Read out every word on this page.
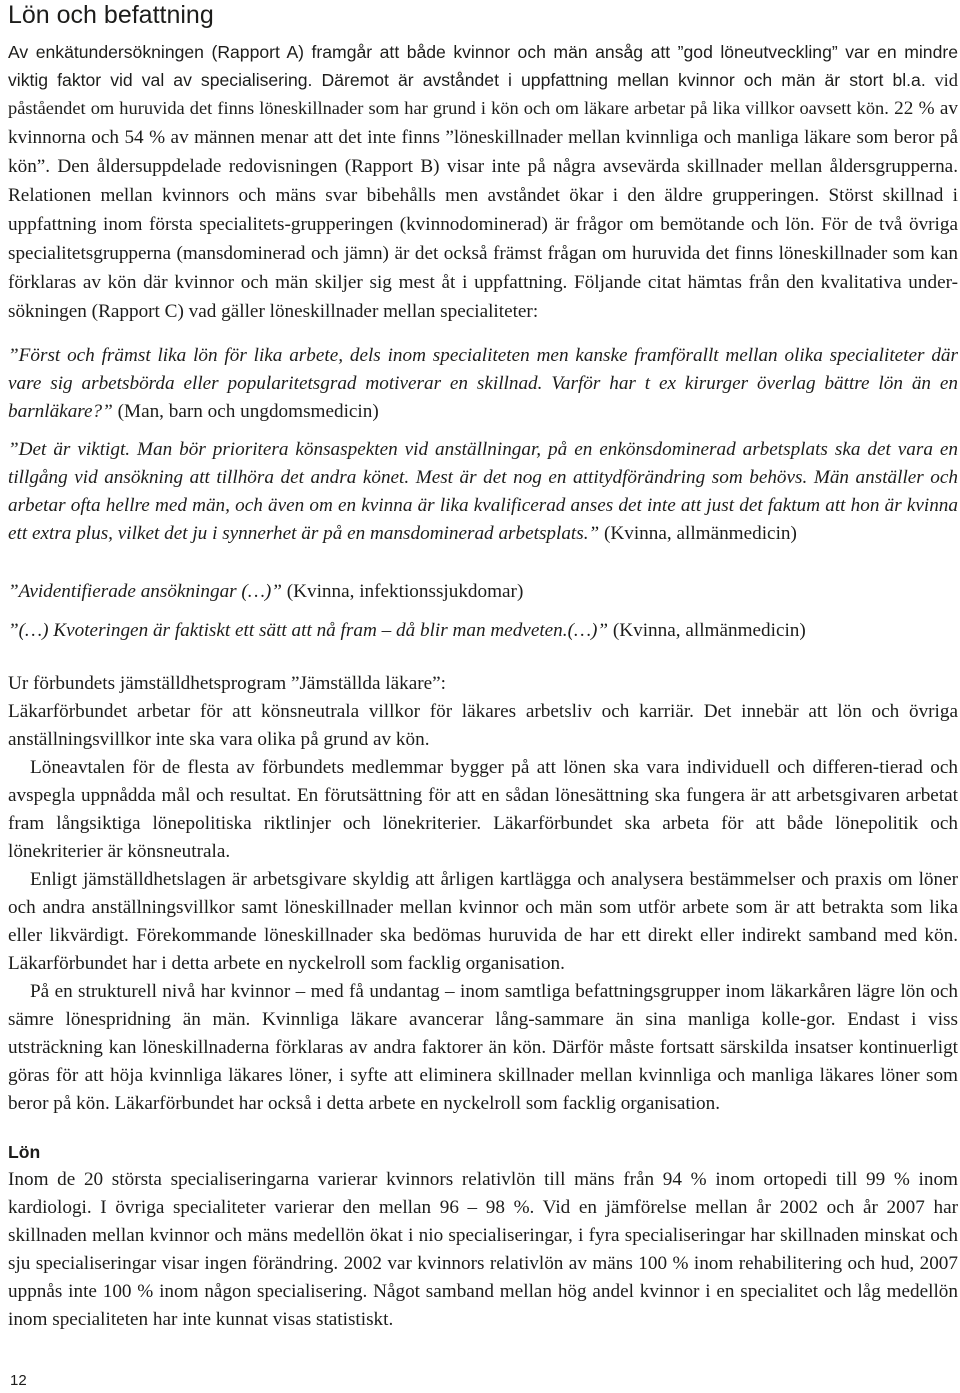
Lön och befattning

Av enkätundersökningen (Rapport A) framgår att både kvinnor och män ansåg att ”god löneutveckling” var en mindre viktig faktor vid val av specialisering. Däremot är avståndet i uppfattning mellan kvinnor och män är stort bl.a. vid påståendet om huruvida det finns löneskillnader som har grund i kön och om läkare arbetar på lika villkor oavsett kön. 22 % av kvinnorna och 54 % av männen menar att det inte finns ”löneskillnader mellan kvinnliga och manliga läkare som beror på kön”. Den åldersuppdelade redovisningen (Rapport B) visar inte på några avsevärda skillnader mellan åldersgrupperna. Relationen mellan kvinnors och mäns svar bibehålls men avståndet ökar i den äldre grupperingen. Störst skillnad i uppfattning inom första specialitets-grupperingen (kvinnodominerad) är frågor om bemötande och lön. För de två övriga specialitetsgrupperna (mansdominerad och jämn) är det också främst frågan om huruvida det finns löneskillnader som kan förklaras av kön där kvinnor och män skiljer sig mest åt i uppfattning. Följande citat hämtas från den kvalitativa under-sökningen (Rapport C) vad gäller löneskillnader mellan specialiteter:

”Först och främst lika lön för lika arbete, dels inom specialiteten men kanske framförallt mellan olika specialiteter där vare sig arbetsbörda eller popularitetsgrad motiverar en skillnad. Varför har t ex kirurger överlag bättre lön än en barnläkare?” (Man, barn och ungdomsmedicin)

”Det är viktigt. Man bör prioritera könsaspekten vid anställningar, på en enkönsdominerad arbetsplats ska det vara en tillgång vid ansökning att tillhöra det andra könet. Mest är det nog en attitydförändring som behövs. Män anställer och arbetar ofta hellre med män, och även om en kvinna är lika kvalificerad anses det inte att just det faktum att hon är kvinna ett extra plus, vilket det ju i synnerhet är på en mansdominerad arbetsplats.” (Kvinna, allmänmedicin)

”Avidentifierade ansökningar (…)” (Kvinna, infektionssjukdomar)

”(…) Kvoteringen är faktiskt ett sätt att nå fram – då blir man medveten.(…)” (Kvinna, allmänmedicin)

Ur förbundets jämställdhetsprogram ”Jämställda läkare”:

Läkarförbundet arbetar för att könsneutrala villkor för läkares arbetsliv och karriär. Det innebär att lön och övriga anställningsvillkor inte ska vara olika på grund av kön.

Löneavtalen för de flesta av förbundets medlemmar bygger på att lönen ska vara individuell och differen-tierad och avspegla uppnådda mål och resultat. En förutsättning för att en sådan lönesättning ska fungera är att arbetsgivaren arbetat fram långsiktiga lönepolitiska riktlinjer och lönekriterier. Läkarförbundet ska arbeta för att både lönepolitik och lönekriterier är könsneutrala.

Enligt jämställdhetslagen är arbetsgivare skyldig att årligen kartlägga och analysera bestämmelser och praxis om löner och andra anställningsvillkor samt löneskillnader mellan kvinnor och män som utför arbete som är att betrakta som lika eller likvärdigt. Förekommande löneskillnader ska bedömas huruvida de har ett direkt eller indirekt samband med kön. Läkarförbundet har i detta arbete en nyckelroll som facklig organisation.

På en strukturell nivå har kvinnor – med få undantag – inom samtliga befattningsgrupper inom läkarkåren lägre lön och sämre lönespridning än män. Kvinnliga läkare avancerar lång-sammare än sina manliga kolle-gor. Endast i viss utsträckning kan löneskillnaderna förklaras av andra faktorer än kön. Därför måste fortsatt särskilda insatser kontinuerligt göras för att höja kvinnliga läkares löner, i syfte att eliminera skillnader mellan kvinnliga och manliga läkares löner som beror på kön. Läkarförbundet har också i detta arbete en nyckelroll som facklig organisation.

Lön

Inom de 20 största specialiseringarna varierar kvinnors relativlön till mäns från 94 % inom ortopedi till 99 % inom kardiologi. I övriga specialiteter varierar den mellan 96 – 98 %. Vid en jämförelse mellan år 2002 och år 2007 har skillnaden mellan kvinnor och mäns medellön ökat i nio specialiseringar, i fyra specialiseringar har skillnaden minskat och sju specialiseringar visar ingen förändring. 2002 var kvinnors relativlön av mäns 100 % inom rehabilitering och hud, 2007 uppnås inte 100 % inom någon specialisering. Något samband mellan hög andel kvinnor i en specialitet och låg medellön inom specialiteten har inte kunnat visas statistiskt.

12
